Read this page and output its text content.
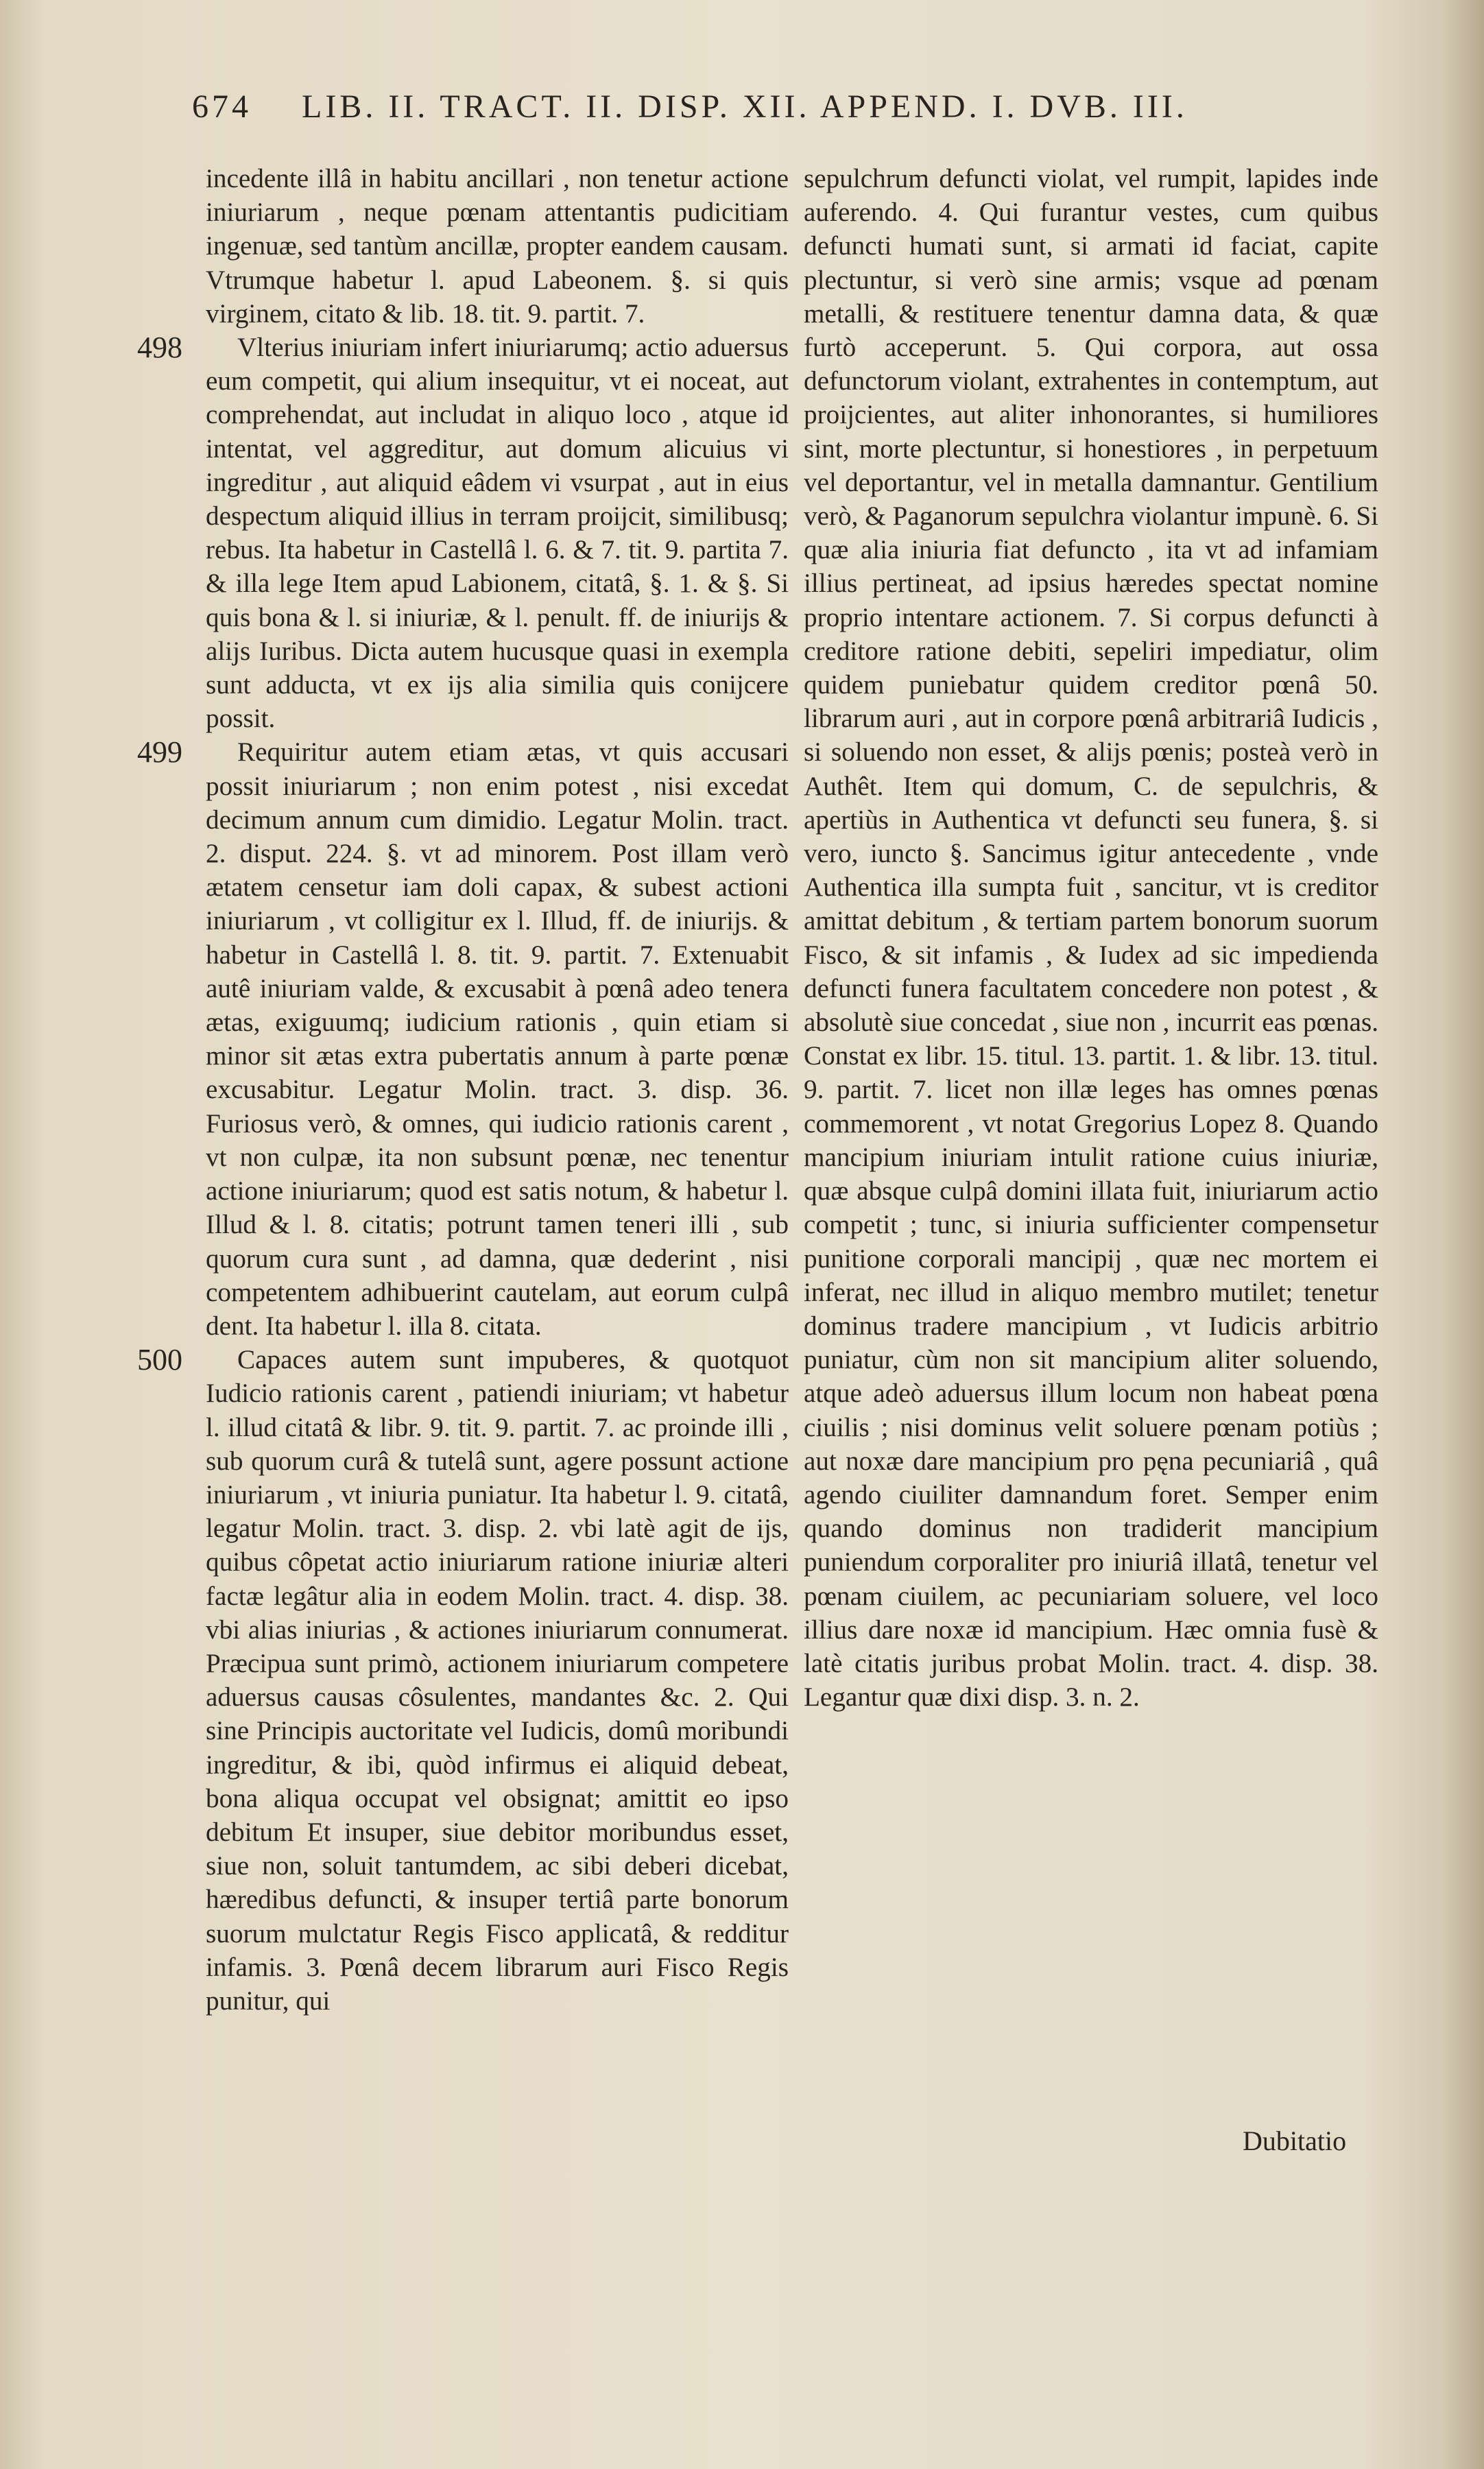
674 LIB. II. TRACT. II. DISP. XII. APPEND. I. DVB. III.

incedente illâ in habitu ancillari , non tenetur actione iniuriarum , neque pœnam attentantis pudicitiam ingenuæ, sed tantùm ancillæ, propter eandem causam. Vtrumque habetur l. apud Labeonem. §. si quis virginem, citato & lib. 18. tit. 9. partit. 7.

498 Vlterius iniuriam infert iniuriarumq; actio aduersus eum competit, qui alium insequitur, vt ei noceat, aut comprehendat, aut includat in aliquo loco , atque id intentat, vel aggreditur, aut domum alicuius vi ingreditur , aut aliquid eâdem vi vsurpat , aut in eius despectum aliquid illius in terram proijcit, similibusq; rebus. Ita habetur in Castellâ l. 6. & 7. tit. 9. partita 7. & illa lege Item apud Labionem, citatâ, §. 1. & §. Si quis bona & l. si iniuriæ, & l. penult. ff. de iniurijs & alijs Iuribus. Dicta autem hucusque quasi in exempla sunt adducta, vt ex ijs alia similia quis conijcere possit.

499 Requiritur autem etiam ætas, vt quis accusari possit iniuriarum ; non enim potest , nisi excedat decimum annum cum dimidio. Legatur Molin. tract. 2. disput. 224. §. vt ad minorem. Post illam verò ætatem censetur iam doli capax, & subest actioni iniuriarum , vt colligitur ex l. Illud, ff. de iniurijs. & habetur in Castellâ l. 8. tit. 9. partit. 7. Extenuabit autê iniuriam valde, & excusabit à pœnâ adeo tenera ætas, exiguumq; iudicium rationis , quin etiam si minor sit ætas extra pubertatis annum à parte pœnæ excusabitur. Legatur Molin. tract. 3. disp. 36. Furiosus verò, & omnes, qui iudicio rationis carent , vt non culpæ, ita non subsunt pœnæ, nec tenentur actione iniuriarum; quod est satis notum, & habetur l. Illud & l. 8. citatis; potrunt tamen teneri illi , sub quorum cura sunt , ad damna, quæ dederint , nisi competentem adhibuerint cautelam, aut eorum culpâ dent. Ita habetur l. illa 8. citata.

500 Capaces autem sunt impuberes, & quotquot Iudicio rationis carent , patiendi iniuriam; vt habetur l. illud citatâ & libr. 9. tit. 9. partit. 7. ac proinde illi , sub quorum curâ & tutelâ sunt, agere possunt actione iniuriarum , vt iniuria puniatur. Ita habetur l. 9. citatâ, legatur Molin. tract. 3. disp. 2. vbi latè agit de ijs, quibus côpetat actio iniuriarum ratione iniuriæ alteri factæ legâtur alia in eodem Molin. tract. 4. disp. 38. vbi alias iniurias , & actiones iniuriarum connumerat. Præcipua sunt primò, actionem iniuriarum competere aduersus causas côsulentes, mandantes &c. 2. Qui sine Principis auctoritate vel Iudicis, domû moribundi ingreditur, & ibi, quòd infirmus ei aliquid debeat, bona aliqua occupat vel obsignat; amittit eo ipso debitum Et insuper, siue debitor moribundus esset, siue non, soluit tantumdem, ac sibi deberi dicebat, hæredibus defuncti, & insuper tertiâ parte bonorum suorum mulctatur Regis Fisco applicatâ, & redditur infamis. 3. Pœnâ decem librarum auri Fisco Regis punitur, qui

sepulchrum defuncti violat, vel rumpit, lapides inde auferendo. 4. Qui furantur vestes, cum quibus defuncti humati sunt, si armati id faciat, capite plectuntur, si verò sine armis; vsque ad pœnam metalli, & restituere tenentur damna data, & quæ furtò acceperunt. 5. Qui corpora, aut ossa defunctorum violant, extrahentes in contemptum, aut proijcientes, aut aliter inhonorantes, si humiliores sint, morte plectuntur, si honestiores , in perpetuum vel deportantur, vel in metalla damnantur. Gentilium verò, & Paganorum sepulchra violantur impunè. 6. Si quæ alia iniuria fiat defuncto , ita vt ad infamiam illius pertineat, ad ipsius hæredes spectat nomine proprio intentare actionem. 7. Si corpus defuncti à creditore ratione debiti, sepeliri impediatur, olim quidem puniebatur quidem creditor pœnâ 50. librarum auri , aut in corpore pœnâ arbitrariâ Iudicis , si soluendo non esset, & alijs pœnis; posteà verò in Authêt. Item qui domum, C. de sepulchris, & apertiùs in Authentica vt defuncti seu funera, §. si vero, iuncto §. Sancimus igitur antecedente , vnde Authentica illa sumpta fuit , sancitur, vt is creditor amittat debitum , & tertiam partem bonorum suorum Fisco, & sit infamis , & Iudex ad sic impedienda defuncti funera facultatem concedere non potest , & absolutè siue concedat , siue non , incurrit eas pœnas. Constat ex libr. 15. titul. 13. partit. 1. & libr. 13. titul. 9. partit. 7. licet non illæ leges has omnes pœnas commemorent , vt notat Gregorius Lopez 8. Quando mancipium iniuriam intulit ratione cuius iniuriæ, quæ absque culpâ domini illata fuit, iniuriarum actio competit ; tunc, si iniuria sufficienter compensetur punitione corporali mancipij , quæ nec mortem ei inferat, nec illud in aliquo membro mutilet; tenetur dominus tradere mancipium , vt Iudicis arbitrio puniatur, cùm non sit mancipium aliter soluendo, atque adeò aduersus illum locum non habeat pœna ciuilis ; nisi dominus velit soluere pœnam potiùs ; aut noxæ dare mancipium pro pęna pecuniariâ , quâ agendo ciuiliter damnandum foret. Semper enim quando dominus non tradiderit mancipium puniendum corporaliter pro iniuriâ illatâ, tenetur vel pœnam ciuilem, ac pecuniariam soluere, vel loco illius dare noxæ id mancipium. Hæc omnia fusè & latè citatis juribus probat Molin. tract. 4. disp. 38. Legantur quæ dixi disp. 3. n. 2.

Dubitatio
